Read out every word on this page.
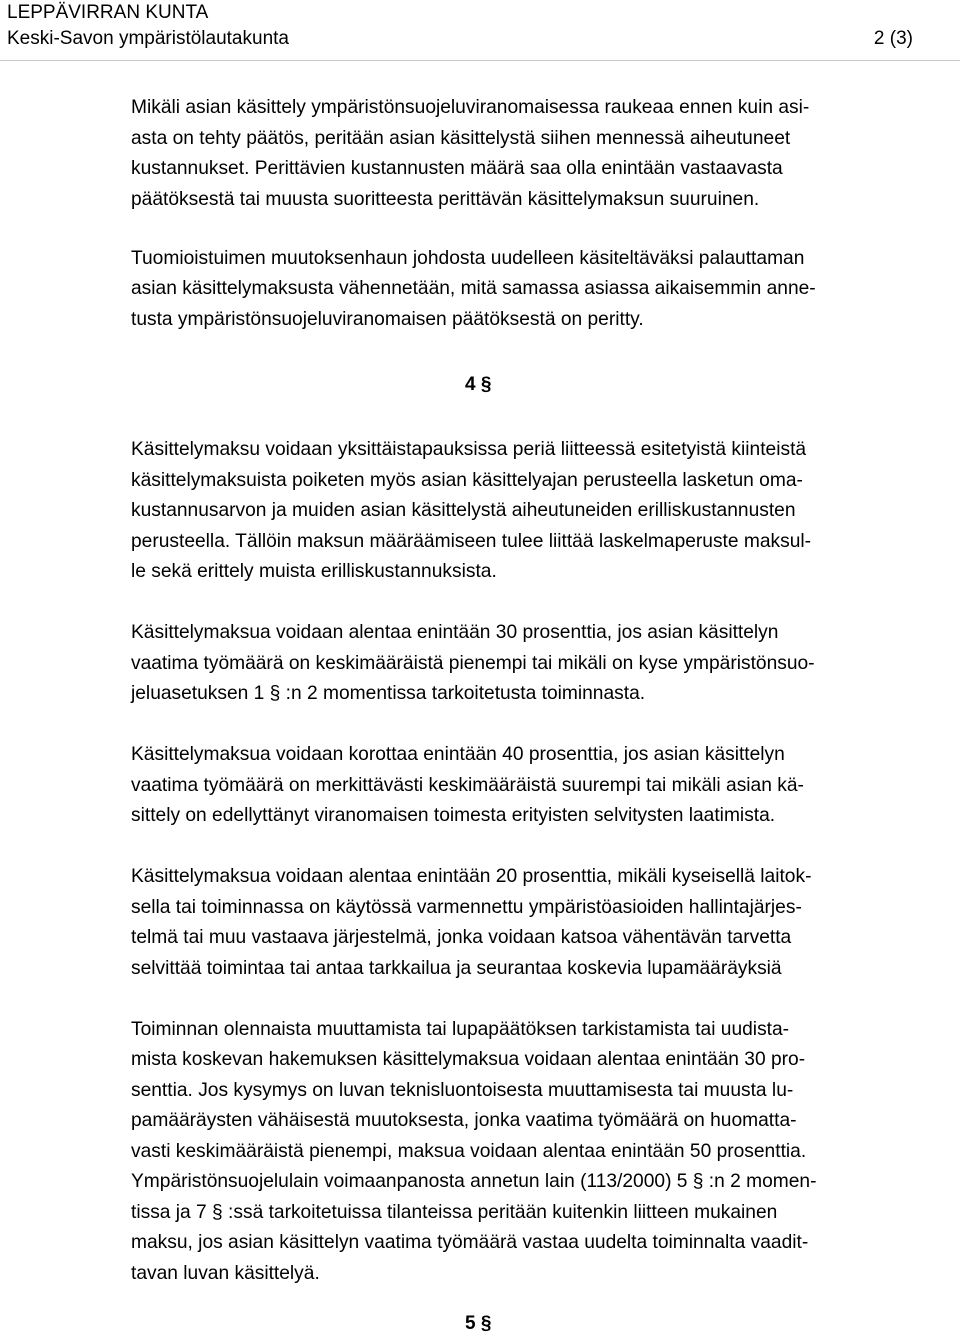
LEPPÄVIRRAN KUNTA
Keski-Savon ympäristölautakunta	2 (3)

Mikäli asian käsittely ympäristönsuojeluviranomaisessa raukeaa ennen kuin asi-

asta on tehty päätös, peritään asian käsittelystä siihen mennessä aiheutuneet

kustannukset. Perittävien kustannusten määrä saa olla enintään vastaavasta

päätöksestä tai muusta suoritteesta perittävän käsittelymaksun suuruinen.

Tuomioistuimen muutoksenhaun johdosta uudelleen käsiteltäväksi palauttaman

asian käsittelymaksusta vähennetään, mitä samassa asiassa aikaisemmin anne-

tusta ympäristönsuojeluviranomaisen päätöksestä on peritty.

Käsittelymaksu voidaan yksittäistapauksissa periä liitteessä esitetyistä kiinteistä

käsittelymaksuista poiketen myös asian käsittelyajan perusteella lasketun oma-

kustannusarvon ja muiden asian käsittelystä aiheutuneiden erilliskustannusten

perusteella. Tällöin maksun määräämiseen tulee liittää laskelmaperuste maksul-

le sekä erittely muista erilliskustannuksista.

Käsittelymaksua voidaan alentaa enintään 30 prosenttia, jos asian käsittelyn

vaatima työmäärä on keskimääräistä pienempi tai mikäli on kyse ympäristönsuo-

jeluasetuksen 1 § :n 2 momentissa tarkoitetusta toiminnasta.

Käsittelymaksua voidaan korottaa enintään 40 prosenttia, jos asian käsittelyn

vaatima työmäärä on merkittävästi keskimääräistä suurempi tai mikäli asian kä-

sittely on edellyttänyt viranomaisen toimesta erityisten selvitysten laatimista.

Käsittelymaksua voidaan alentaa enintään 20 prosenttia, mikäli kyseisellä laitok-

sella tai toiminnassa on käytössä varmennettu ympäristöasioiden hallintajärjes-

telmä tai muu vastaava järjestelmä, jonka voidaan katsoa vähentävän tarvetta

selvittää toimintaa tai antaa tarkkailua ja seurantaa koskevia lupamääräyksiä

Toiminnan olennaista muuttamista tai lupapäätöksen tarkistamista tai uudista-

mista koskevan hakemuksen käsittelymaksua voidaan alentaa enintään 30 pro-

senttia. Jos kysymys on luvan teknisluontoisesta muuttamisesta tai muusta lu-

pamääräysten vähäisestä muutoksesta, jonka vaatima työmäärä on huomatta-

vasti keskimääräistä pienempi, maksua voidaan alentaa enintään 50 prosenttia.

Ympäristönsuojelulain voimaanpanosta annetun lain (113/2000) 5 § :n 2 momen-

tissa ja 7 § :ssä tarkoitetuissa tilanteissa peritään kuitenkin liitteen mukainen

maksu, jos asian käsittelyn vaatima työmäärä vastaa uudelta toiminnalta vaadit-

tavan luvan käsittelyä.

4 §
5 §
